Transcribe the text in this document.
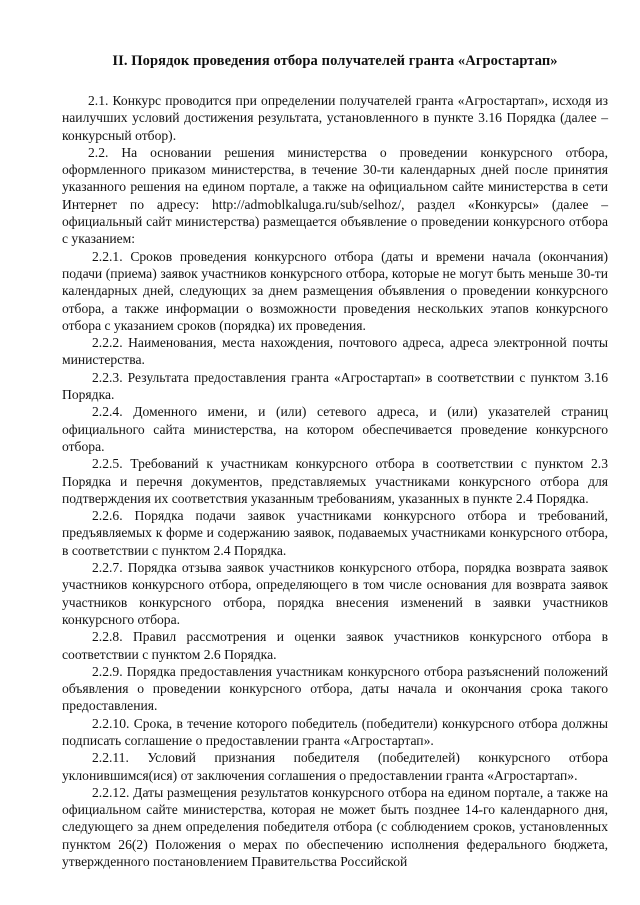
II. Порядок проведения отбора получателей гранта «Агростартап»

2.1. Конкурс проводится при определении получателей гранта «Агростартап», исходя из наилучших условий достижения результата, установленного в пункте 3.16 Порядка (далее – конкурсный отбор).

2.2. На основании решения министерства о проведении конкурсного отбора, оформленного приказом министерства, в течение 30-ти календарных дней после принятия указанного решения на едином портале, а также на официальном сайте министерства в сети Интернет по адресу: http://admoblkaluga.ru/sub/selhoz/, раздел «Конкурсы» (далее – официальный сайт министерства) размещается объявление о проведении конкурсного отбора с указанием:

2.2.1. Сроков проведения конкурсного отбора (даты и времени начала (окончания) подачи (приема) заявок участников конкурсного отбора, которые не могут быть меньше 30-ти календарных дней, следующих за днем размещения объявления о проведении конкурсного отбора, а также информации о возможности проведения нескольких этапов конкурсного отбора с указанием сроков (порядка) их проведения.

2.2.2. Наименования, места нахождения, почтового адреса, адреса электронной почты министерства.

2.2.3. Результата предоставления гранта «Агростартап» в соответствии с пунктом 3.16 Порядка.

2.2.4. Доменного имени, и (или) сетевого адреса, и (или) указателей страниц официального сайта министерства, на котором обеспечивается проведение конкурсного отбора.

2.2.5. Требований к участникам конкурсного отбора в соответствии с пунктом 2.3 Порядка и перечня документов, представляемых участниками конкурсного отбора для подтверждения их соответствия указанным требованиям, указанных в пункте 2.4 Порядка.

2.2.6. Порядка подачи заявок участниками конкурсного отбора и требований, предъявляемых к форме и содержанию заявок, подаваемых участниками конкурсного отбора, в соответствии с пунктом 2.4 Порядка.

2.2.7. Порядка отзыва заявок участников конкурсного отбора, порядка возврата заявок участников конкурсного отбора, определяющего в том числе основания для возврата заявок участников конкурсного отбора, порядка внесения изменений в заявки участников конкурсного отбора.

2.2.8. Правил рассмотрения и оценки заявок участников конкурсного отбора в соответствии с пунктом 2.6 Порядка.

2.2.9. Порядка предоставления участникам конкурсного отбора разъяснений положений объявления о проведении конкурсного отбора, даты начала и окончания срока такого предоставления.

2.2.10. Срока, в течение которого победитель (победители) конкурсного отбора должны подписать соглашение о предоставлении гранта «Агростартап».

2.2.11. Условий признания победителя (победителей) конкурсного отбора уклонившимся(ися) от заключения соглашения о предоставлении гранта «Агростартап».

2.2.12. Даты размещения результатов конкурсного отбора на едином портале, а также на официальном сайте министерства, которая не может быть позднее 14-го календарного дня, следующего за днем определения победителя отбора (с соблюдением сроков, установленных пунктом 26(2) Положения о мерах по обеспечению исполнения федерального бюджета, утвержденного постановлением Правительства Российской
